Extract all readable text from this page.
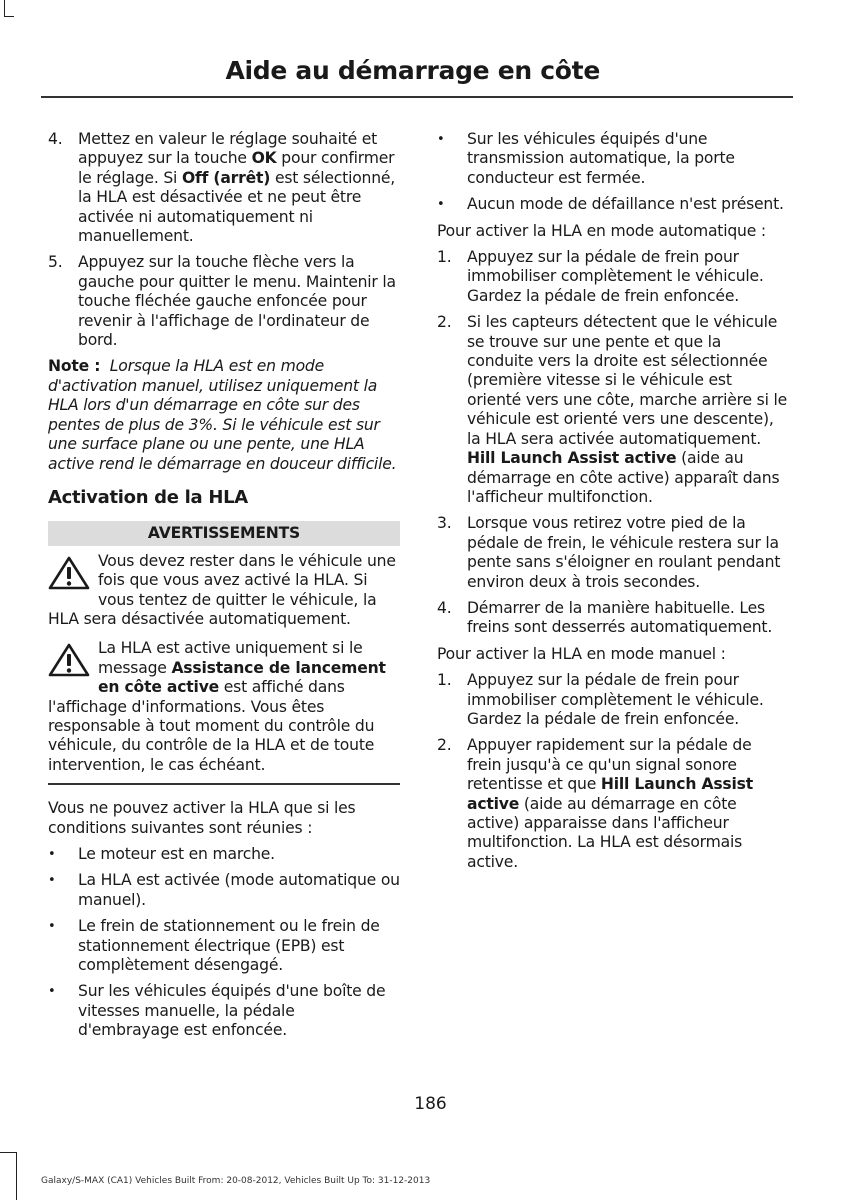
Aide au démarrage en côte
4. Mettez en valeur le réglage souhaité et appuyez sur la touche OK pour confirmer le réglage. Si Off (arrêt) est sélectionné, la HLA est désactivée et ne peut être activée ni automatiquement ni manuellement.
5. Appuyez sur la touche flèche vers la gauche pour quitter le menu. Maintenir la touche fléchée gauche enfoncée pour revenir à l'affichage de l'ordinateur de bord.
Note : Lorsque la HLA est en mode d'activation manuel, utilisez uniquement la HLA lors d'un démarrage en côte sur des pentes de plus de 3%. Si le véhicule est sur une surface plane ou une pente, une HLA active rend le démarrage en douceur difficile.
Activation de la HLA
AVERTISSEMENTS
Vous devez rester dans le véhicule une fois que vous avez activé la HLA. Si vous tentez de quitter le véhicule, la HLA sera désactivée automatiquement.
La HLA est active uniquement si le message Assistance de lancement en côte active est affiché dans l'affichage d'informations. Vous êtes responsable à tout moment du contrôle du véhicule, du contrôle de la HLA et de toute intervention, le cas échéant.
Vous ne pouvez activer la HLA que si les conditions suivantes sont réunies :
• Le moteur est en marche.
• La HLA est activée (mode automatique ou manuel).
• Le frein de stationnement ou le frein de stationnement électrique (EPB) est complètement désengagé.
• Sur les véhicules équipés d'une boîte de vitesses manuelle, la pédale d'embrayage est enfoncée.
• Sur les véhicules équipés d'une transmission automatique, la porte conducteur est fermée.
• Aucun mode de défaillance n'est présent.
Pour activer la HLA en mode automatique :
1. Appuyez sur la pédale de frein pour immobiliser complètement le véhicule. Gardez la pédale de frein enfoncée.
2. Si les capteurs détectent que le véhicule se trouve sur une pente et que la conduite vers la droite est sélectionnée (première vitesse si le véhicule est orienté vers une côte, marche arrière si le véhicule est orienté vers une descente), la HLA sera activée automatiquement. Hill Launch Assist active (aide au démarrage en côte active) apparaît dans l'afficheur multifonction.
3. Lorsque vous retirez votre pied de la pédale de frein, le véhicule restera sur la pente sans s'éloigner en roulant pendant environ deux à trois secondes.
4. Démarrer de la manière habituelle. Les freins sont desserrés automatiquement.
Pour activer la HLA en mode manuel :
1. Appuyez sur la pédale de frein pour immobiliser complètement le véhicule. Gardez la pédale de frein enfoncée.
2. Appuyer rapidement sur la pédale de frein jusqu'à ce qu'un signal sonore retentisse et que Hill Launch Assist active (aide au démarrage en côte active) apparaisse dans l'afficheur multifonction. La HLA est désormais active.
186
Galaxy/S-MAX (CA1) Vehicles Built From: 20-08-2012, Vehicles Built Up To: 31-12-2013
